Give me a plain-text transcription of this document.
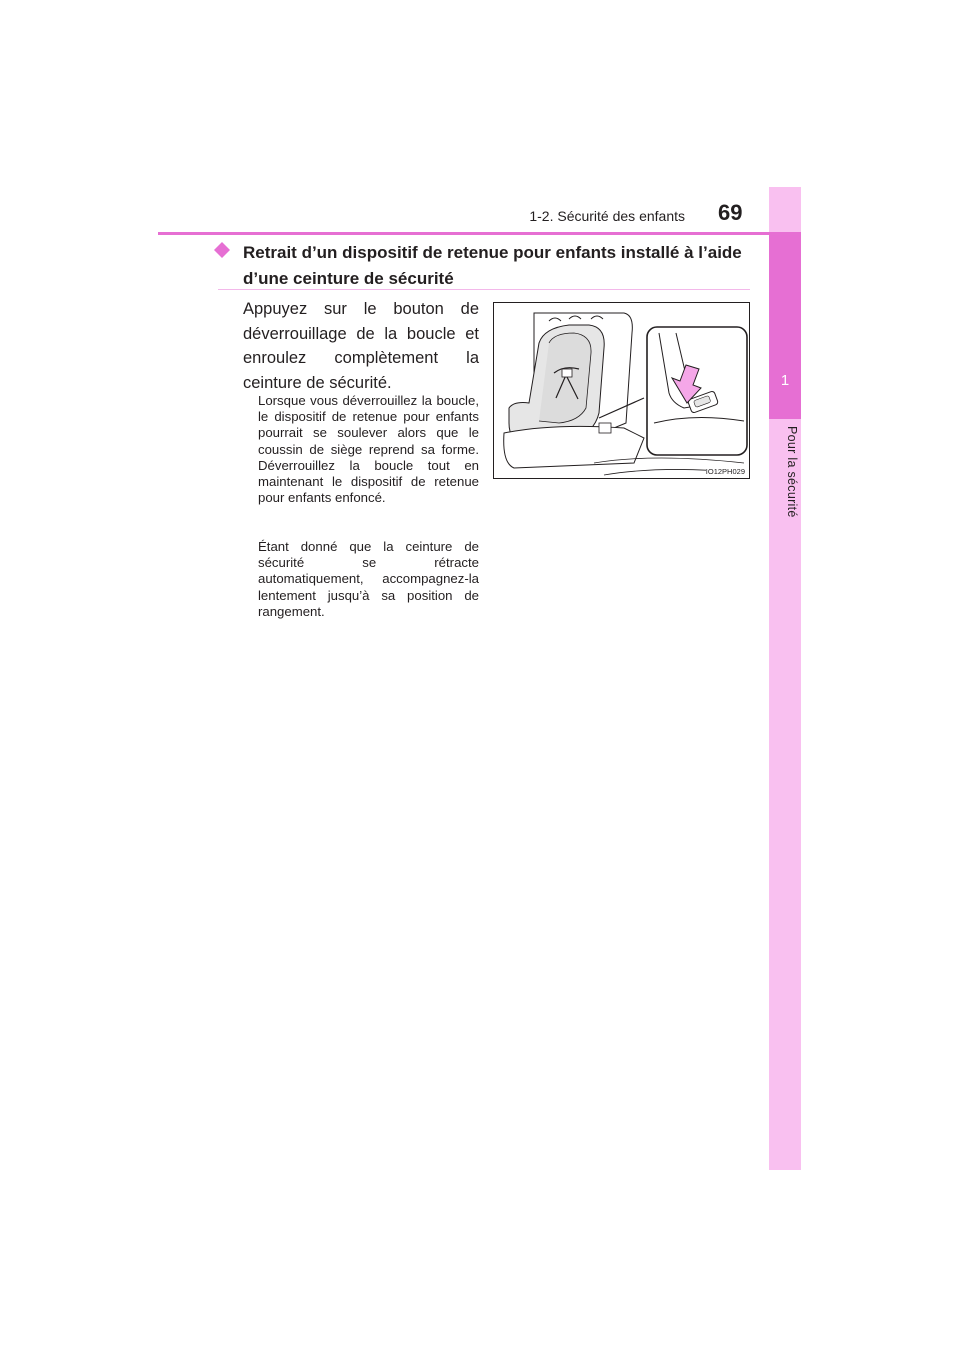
1
Pour la sécurité
1-2. Sécurité des enfants 69
Retrait d’un dispositif de retenue pour enfants installé à l’aide d’une ceinture de sécurité
Appuyez sur le bouton de déverrouillage de la boucle et enroulez complètement la ceinture de sécurité.
Lorsque vous déverrouillez la boucle, le dispositif de retenue pour enfants pourrait se soulever alors que le coussin de siège reprend sa forme. Déverrouillez la boucle tout en maintenant le dispositif de retenue pour enfants enfoncé.
Étant donné que la ceinture de sécurité se rétracte automatiquement, accompagnez-la lentement jusqu’à sa position de rangement.
IO12PH029
